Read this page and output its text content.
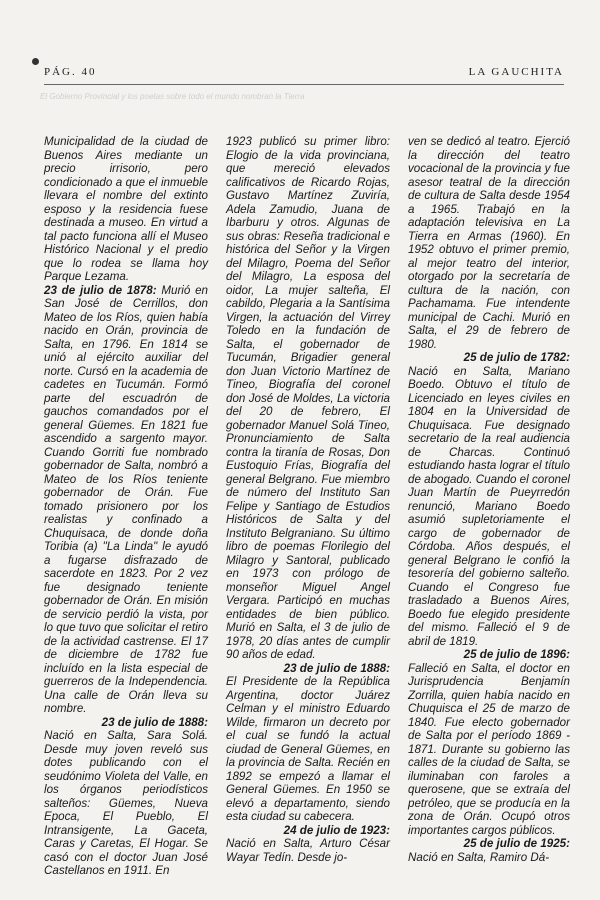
PÁG. 40	LA GAUCHITA
El Gobierno Provincial y los poetas sobre todo el mundo nombran la Tierra

Municipalidad de la ciudad de Buenos Aires mediante un precio irrisorio, pero condicionado a que el inmueble llevara el nombre del extinto esposo y la residencia fuese destinada a museo. En virtud a tal pacto funciona allí el Museo Histórico Nacional y el predio que lo rodea se llama hoy Parque Lezama.

23 de julio de 1878: Murió en San José de Cerrillos, don Mateo de los Ríos, quien había nacido en Orán, provincia de Salta, en 1796. En 1814 se unió al ejército auxiliar del norte. Cursó en la academia de cadetes en Tucumán. Formó parte del escuadrón de gauchos comandados por el general Güemes. En 1821 fue ascendido a sargento mayor. Cuando Gorriti fue nombrado gobernador de Salta, nombró a Mateo de los Ríos teniente gobernador de Orán. Fue tomado prisionero por los realistas y confinado a Chuquisaca, de donde doña Toribia (a) "La Linda" le ayudó a fugarse disfrazado de sacerdote en 1823. Por 2 vez fue designado teniente gobernador de Orán. En misión de servicio perdió la vista, por lo que tuvo que solicitar el retiro de la actividad castrense. El 17 de diciembre de 1782 fue incluído en la lista especial de guerreros de la Independencia. Una calle de Orán lleva su nombre.

23 de julio de 1888:

Nació en Salta, Sara Solá. Desde muy joven reveló sus dotes publicando con el seudónimo Violeta del Valle, en los órganos periodísticos salteños: Güemes, Nueva Epoca, El Pueblo, El Intransigente, La Gaceta, Caras y Caretas, El Hogar. Se casó con el doctor Juan José Castellanos en 1911. En

1923 publicó su primer libro: Elogio de la vida provinciana, que mereció elevados calificativos de Ricardo Rojas, Gustavo Martínez Zuviría, Adela Zamudio, Juana de Ibarburu y otros. Algunas de sus obras: Reseña tradicional e histórica del Señor y la Virgen del Milagro, Poema del Señor del Milagro, La esposa del oidor, La mujer salteña, El cabildo, Plegaria a la Santísima Virgen, la actuación del Virrey Toledo en la fundación de Salta, el gobernador de Tucumán, Brigadier general don Juan Victorio Martínez de Tineo, Biografía del coronel don José de Moldes, La victoria del 20 de febrero, El gobernador Manuel Solá Tineo, Pronunciamiento de Salta contra la tiranía de Rosas, Don Eustoquio Frías, Biografía del general Belgrano. Fue miembro de número del Instituto San Felipe y Santiago de Estudios Históricos de Salta y del Instituto Belgraniano. Su último libro de poemas Florilegio del Milagro y Santoral, publicado en 1973 con prólogo de monseñor Miguel Angel Vergara. Participó en muchas entidades de bien público. Murió en Salta, el 3 de julio de 1978, 20 días antes de cumplir 90 años de edad.

23 de julio de 1888:

El Presidente de la República Argentina, doctor Juárez Celman y el ministro Eduardo Wilde, firmaron un decreto por el cual se fundó la actual ciudad de General Güemes, en la provincia de Salta. Recién en 1892 se empezó a llamar el General Güemes. En 1950 se elevó a departamento, siendo esta ciudad su cabecera.

24 de julio de 1923:

Nació en Salta, Arturo César Wayar Tedín. Desde jo-

ven se dedicó al teatro. Ejerció la dirección del teatro vocacional de la provincia y fue asesor teatral de la dirección de cultura de Salta desde 1954 a 1965. Trabajó en la adaptación televisiva en La Tierra en Armas (1960). En 1952 obtuvo el primer premio, al mejor teatro del interior, otorgado por la secretaría de cultura de la nación, con Pachamama. Fue intendente municipal de Cachi. Murió en Salta, el 29 de febrero de 1980.

25 de julio de 1782:

Nació en Salta, Mariano Boedo. Obtuvo el título de Licenciado en leyes civiles en 1804 en la Universidad de Chuquisaca. Fue designado secretario de la real audiencia de Charcas. Continuó estudiando hasta lograr el título de abogado. Cuando el coronel Juan Martín de Pueyrredón renunció, Mariano Boedo asumió supletoriamente el cargo de gobernador de Córdoba. Años después, el general Belgrano le confió la tesorería del gobierno salteño. Cuando el Congreso fue trasladado a Buenos Aires, Boedo fue elegido presidente del mismo. Falleció el 9 de abril de 1819.

25 de julio de 1896:

Falleció en Salta, el doctor en Jurisprudencia Benjamín Zorrilla, quien había nacido en Chuquisca el 25 de marzo de 1840. Fue electo gobernador de Salta por el período 1869 - 1871. Durante su gobierno las calles de la ciudad de Salta, se iluminaban con faroles a querosene, que se extraía del petróleo, que se producía en la zona de Orán. Ocupó otros importantes cargos públicos.

25 de julio de 1925:

Nació en Salta, Ramiro Dá-
